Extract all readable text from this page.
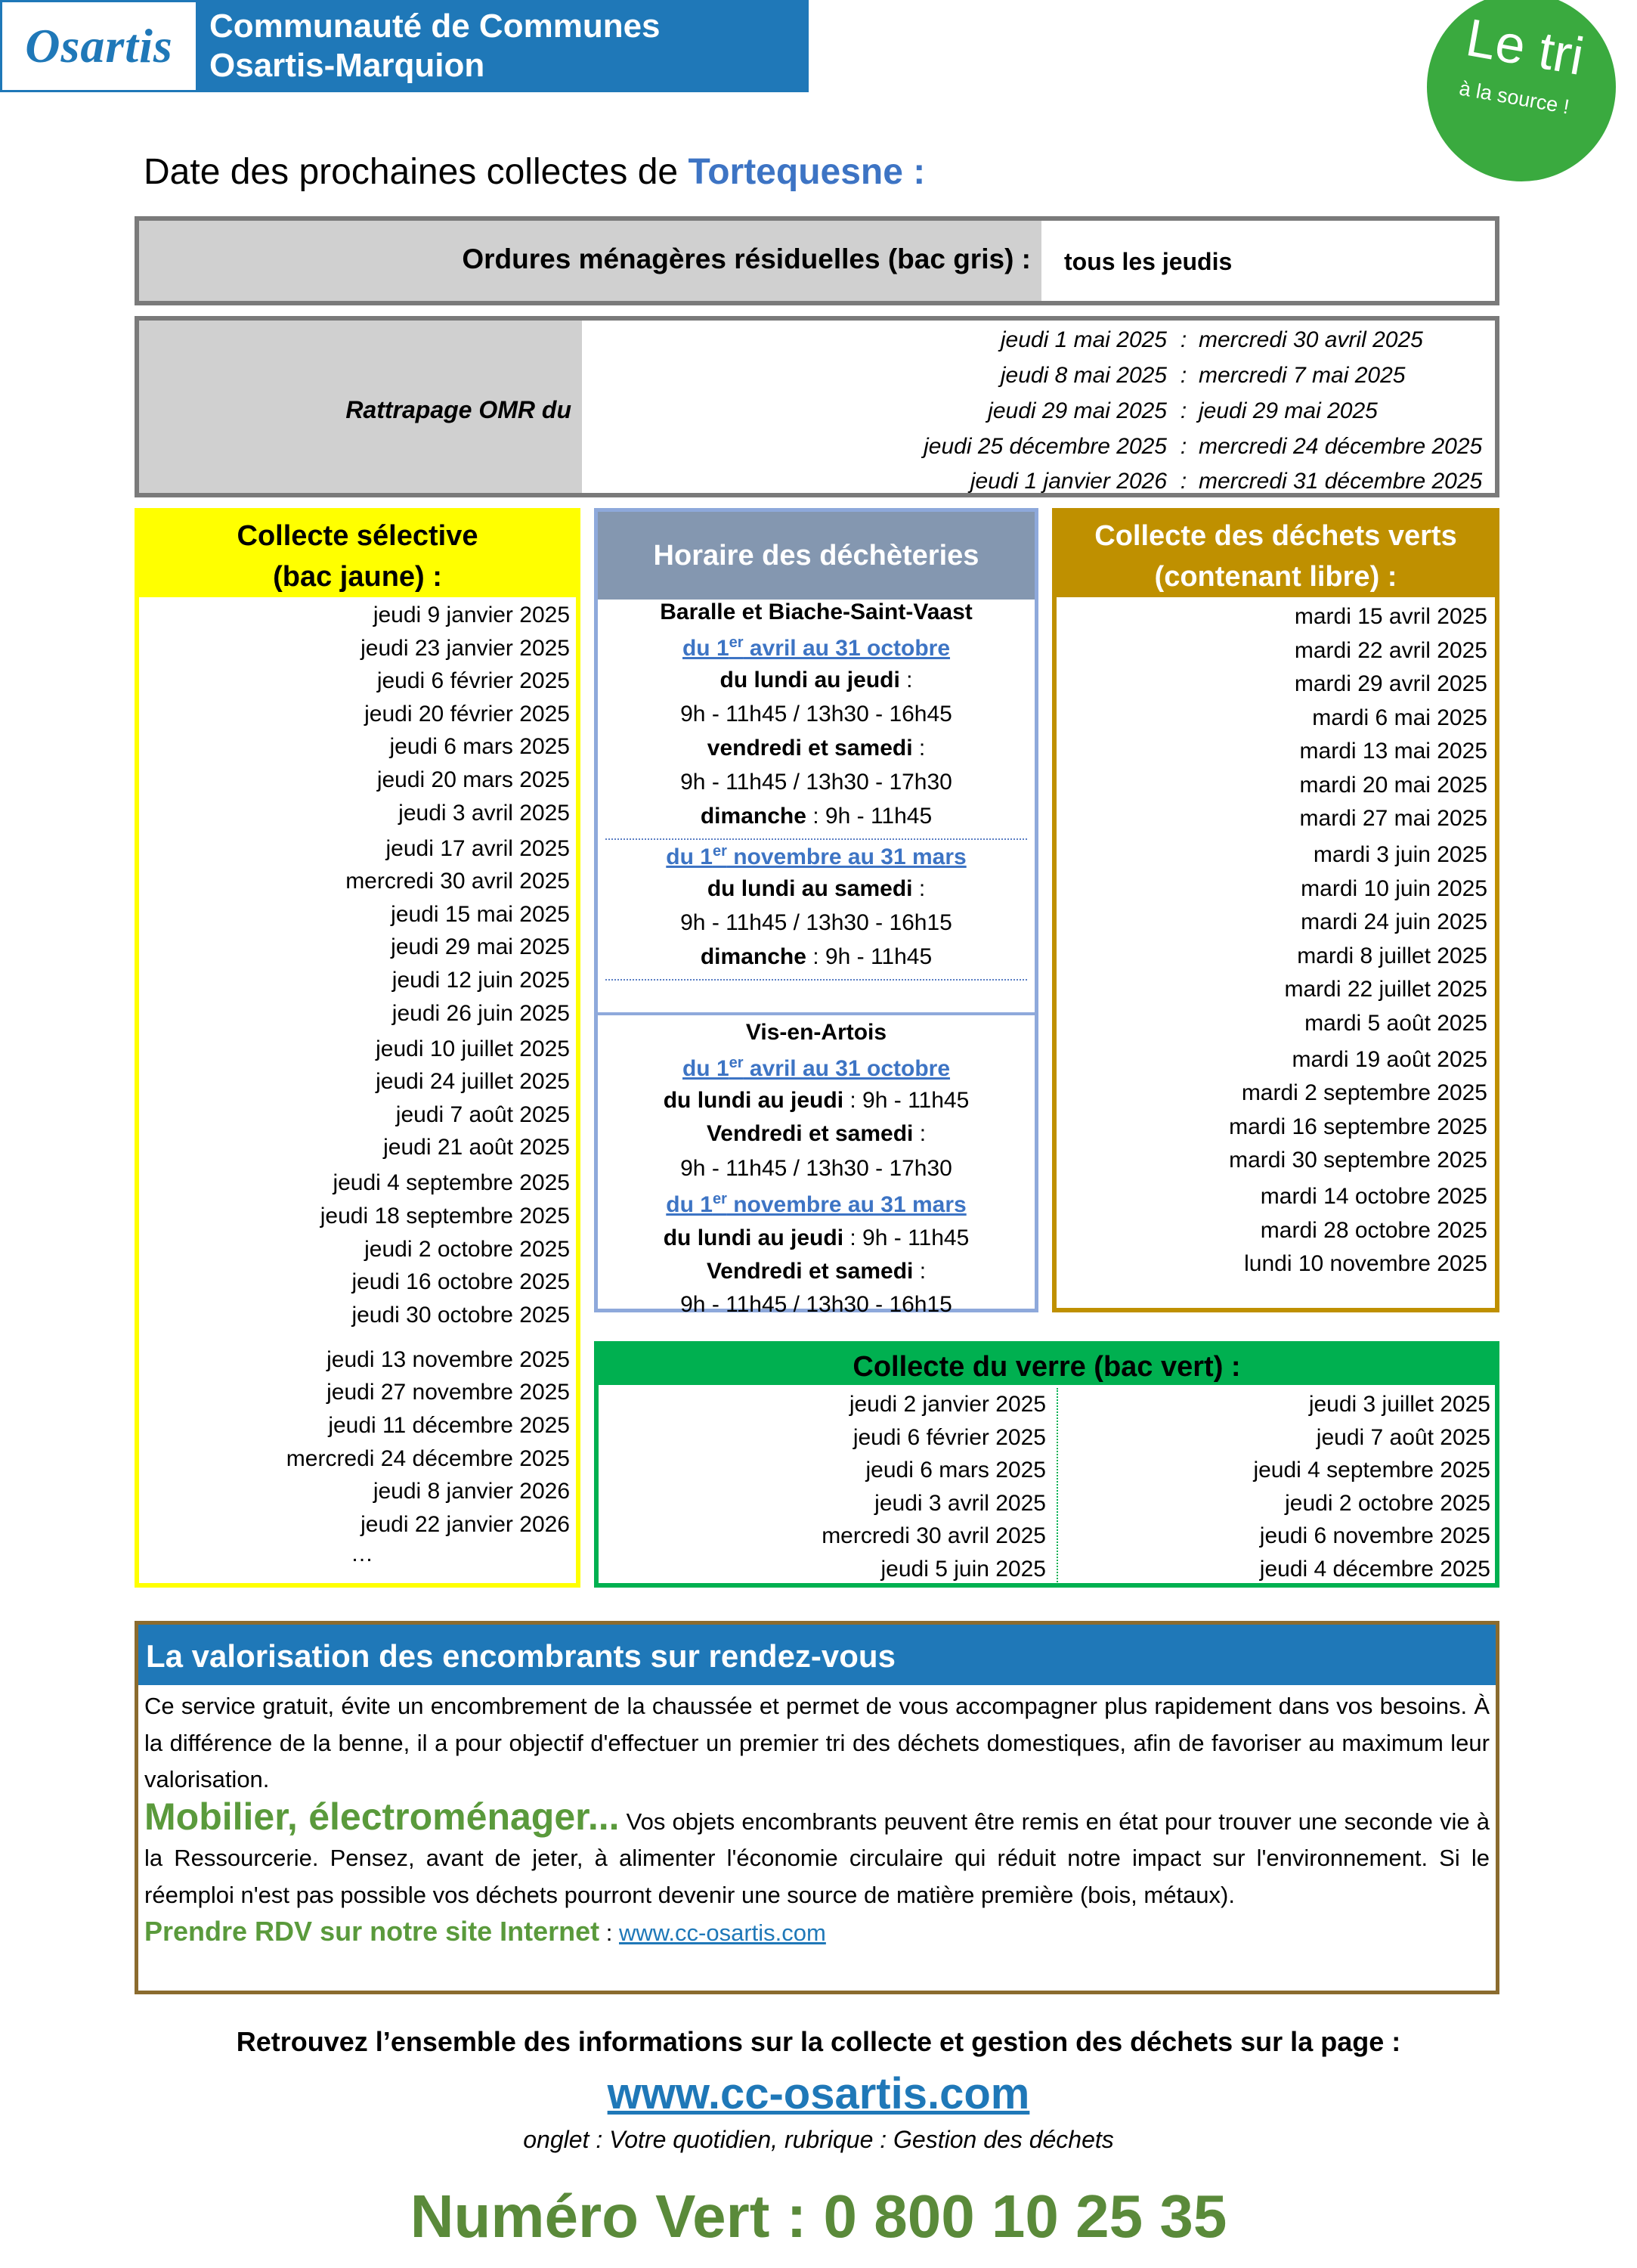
Osartis Communauté de Communes
Osartis-Marquion	Le tri
à la source !
Date des prochaines collectes de Tortequesne :
Ordures ménagères résiduelles (bac gris) : tous les jeudis
Rattrapage OMR du
jeudi 1 mai 2025 : mercredi 30 avril 2025
jeudi 8 mai 2025 : mercredi 7 mai 2025
jeudi 29 mai 2025 : jeudi 29 mai 2025
jeudi 25 décembre 2025 : mercredi 24 décembre 2025
jeudi 1 janvier 2026 : mercredi 31 décembre 2025
Collecte sélective
(bac jaune) :
jeudi 9 janvier 2025
jeudi 23 janvier 2025
jeudi 6 février 2025
jeudi 20 février 2025
jeudi 6 mars 2025
jeudi 20 mars 2025
jeudi 3 avril 2025
jeudi 17 avril 2025
mercredi 30 avril 2025
jeudi 15 mai 2025
jeudi 29 mai 2025
jeudi 12 juin 2025
jeudi 26 juin 2025
jeudi 10 juillet 2025
jeudi 24 juillet 2025
jeudi 7 août 2025
jeudi 21 août 2025
jeudi 4 septembre 2025
jeudi 18 septembre 2025
jeudi 2 octobre 2025
jeudi 16 octobre 2025
jeudi 30 octobre 2025
jeudi 13 novembre 2025
jeudi 27 novembre 2025
jeudi 11 décembre 2025
mercredi 24 décembre 2025
jeudi 8 janvier 2026
jeudi 22 janvier 2026
…
Horaire des déchèteries
Baralle et Biache-Saint-Vaast
du 1er avril au 31 octobre
du lundi au jeudi :
9h - 11h45 / 13h30 - 16h45
vendredi et samedi :
9h - 11h45 / 13h30 - 17h30
dimanche : 9h - 11h45
du 1er novembre au 31 mars
du lundi au samedi :
9h - 11h45 / 13h30 - 16h15
dimanche : 9h - 11h45
Vis-en-Artois
du 1er avril au 31 octobre
du lundi au jeudi : 9h - 11h45
Vendredi et samedi :
9h - 11h45 / 13h30 - 17h30
du 1er novembre au 31 mars
du lundi au jeudi : 9h - 11h45
Vendredi et samedi :
9h - 11h45 / 13h30 - 16h15
Collecte des déchets verts
(contenant libre) :
mardi 15 avril 2025
mardi 22 avril 2025
mardi 29 avril 2025
mardi 6 mai 2025
mardi 13 mai 2025
mardi 20 mai 2025
mardi 27 mai 2025
mardi 3 juin 2025
mardi 10 juin 2025
mardi 24 juin 2025
mardi 8 juillet 2025
mardi 22 juillet 2025
mardi 5 août 2025
mardi 19 août 2025
mardi 2 septembre 2025
mardi 16 septembre 2025
mardi 30 septembre 2025
mardi 14 octobre 2025
mardi 28 octobre 2025
lundi 10 novembre 2025
Collecte du verre (bac vert) :
jeudi 2 janvier 2025	jeudi 3 juillet 2025
jeudi 6 février 2025	jeudi 7 août 2025
jeudi 6 mars 2025	jeudi 4 septembre 2025
jeudi 3 avril 2025	jeudi 2 octobre 2025
mercredi 30 avril 2025	jeudi 6 novembre 2025
jeudi 5 juin 2025	jeudi 4 décembre 2025
La valorisation des encombrants sur rendez-vous
Ce service gratuit, évite un encombrement de la chaussée et permet de vous accompagner plus rapidement dans vos besoins. À la différence de la benne, il a pour objectif d'effectuer un premier tri des déchets domestiques, afin de favoriser au maximum leur valorisation.
Mobilier, électroménager... Vos objets encombrants peuvent être remis en état pour trouver une seconde vie à la Ressourcerie. Pensez, avant de jeter, à alimenter l'économie circulaire qui réduit notre impact sur l'environnement. Si le réemploi n'est pas possible vos déchets pourront devenir une source de matière première (bois, métaux).
Prendre RDV sur notre site Internet : www.cc-osartis.com
Retrouvez l’ensemble des informations sur la collecte et gestion des déchets sur la page :
www.cc-osartis.com
onglet : Votre quotidien, rubrique : Gestion des déchets
Numéro Vert : 0 800 10 25 35
